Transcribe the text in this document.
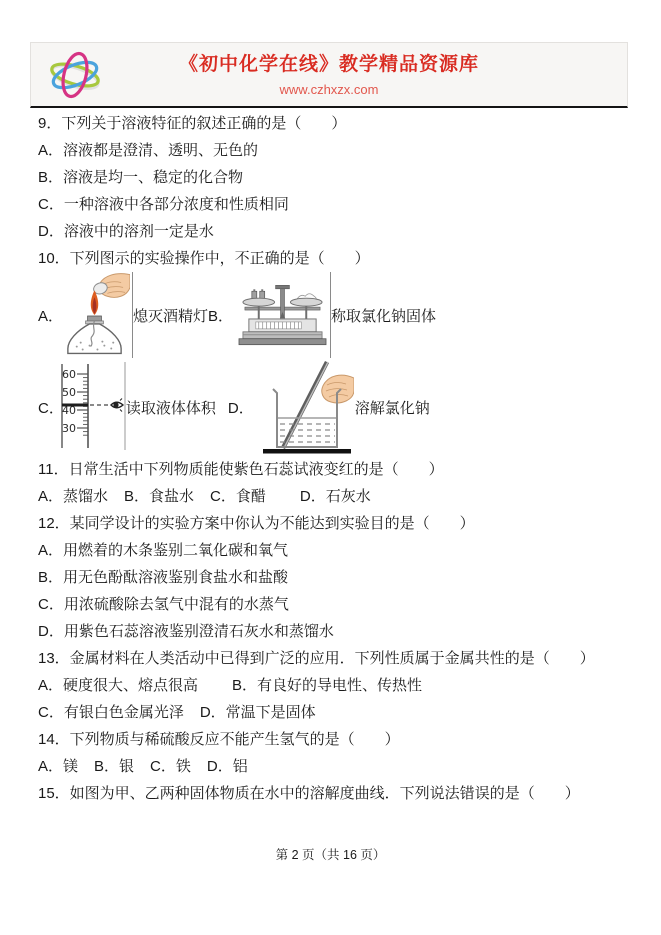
《初中化学在线》教学精品资源库
www.czhxzx.com

9．下列关于溶液特征的叙述正确的是（　　）

A．溶液都是澄清、透明、无色的

B．溶液是均一、稳定的化合物

C．一种溶液中各部分浓度和性质相同

D．溶液中的溶剂一定是水

10．下列图示的实验操作中，不正确的是（　　）

A．	熄灭酒精灯 B．	称取氯化钠固体
C．
60
50
40
30
读取液体体积 D．	溶解氯化钠

11．日常生活中下列物质能使紫色石蕊试液变红的是（　　）

A．蒸馏水 B．食盐水 C．食醋 D．石灰水

12．某同学设计的实验方案中你认为不能达到实验目的是（　　）

A．用燃着的木条鉴别二氧化碳和氧气

B．用无色酚酞溶液鉴别食盐水和盐酸

C．用浓硫酸除去氢气中混有的水蒸气

D．用紫色石蕊溶液鉴别澄清石灰水和蒸馏水

13．金属材料在人类活动中已得到广泛的应用．下列性质属于金属共性的是（　　）

A．硬度很大、熔点很高 B．有良好的导电性、传热性

C．有银白色金属光泽 D．常温下是固体

14．下列物质与稀硫酸反应不能产生氢气的是（　　）

A．镁 B．银 C．铁 D．铝

15．如图为甲、乙两种固体物质在水中的溶解度曲线．下列说法错误的是（　　）

第 2 页（共 16 页）
